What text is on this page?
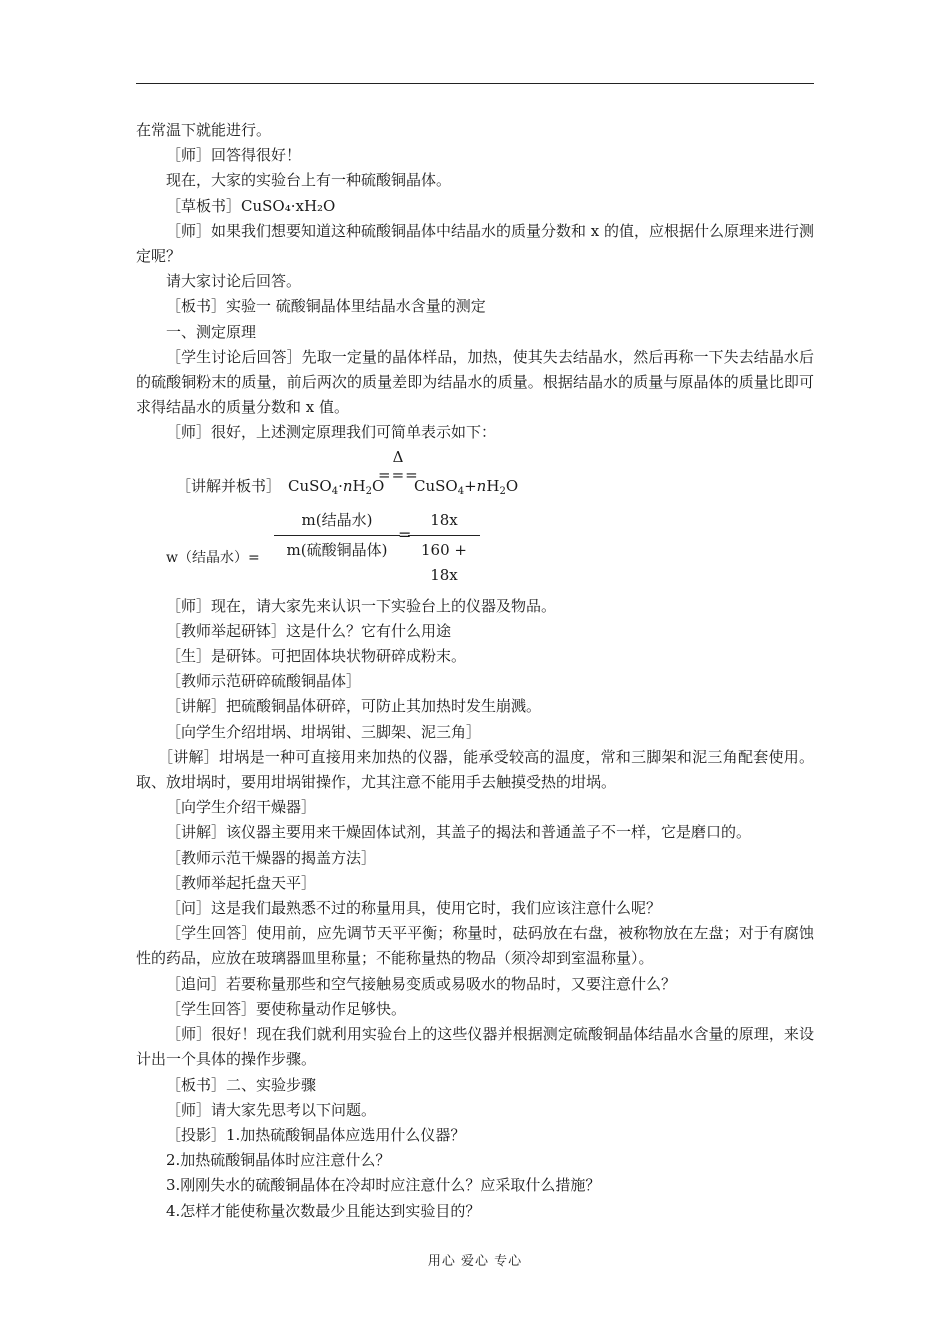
在常温下就能进行。

［师］回答得很好！

现在，大家的实验台上有一种硫酸铜晶体。

［草板书］CuSO₄·xH₂O

［师］如果我们想要知道这种硫酸铜晶体中结晶水的质量分数和 x 的值，应根据什么原理来进行测定呢？

请大家讨论后回答。

［板书］实验一 硫酸铜晶体里结晶水含量的测定

一、测定原理

［学生讨论后回答］先取一定量的晶体样品，加热，使其失去结晶水，然后再称一下失去结晶水后的硫酸铜粉末的质量，前后两次的质量差即为结晶水的质量。根据结晶水的质量与原晶体的质量比即可求得结晶水的质量分数和 x 值。

［师］很好，上述测定原理我们可简单表示如下：

［讲解并板书］ $CuSO_4\cdot nH_2O$
Δ
===
$CuSO_4+nH_2O$
w（结晶水）=
m(结晶水)
m(硫酸铜晶体)
=
$\frac{18x}{160 + 18x}$

［师］现在，请大家先来认识一下实验台上的仪器及物品。

［教师举起研钵］这是什么？它有什么用途

［生］是研钵。可把固体块状物研碎成粉末。

［教师示范研碎硫酸铜晶体］

［讲解］把硫酸铜晶体研碎，可防止其加热时发生崩溅。

［向学生介绍坩埚、坩埚钳、三脚架、泥三角］

［讲解］坩埚是一种可直接用来加热的仪器，能承受较高的温度，常和三脚架和泥三角配套使用。取、放坩埚时，要用坩埚钳操作，尤其注意不能用手去触摸受热的坩埚。

［向学生介绍干燥器］

［讲解］该仪器主要用来干燥固体试剂，其盖子的揭法和普通盖子不一样，它是磨口的。

［教师示范干燥器的揭盖方法］

［教师举起托盘天平］

［问］这是我们最熟悉不过的称量用具，使用它时，我们应该注意什么呢？

［学生回答］使用前，应先调节天平平衡；称量时，砝码放在右盘，被称物放在左盘；对于有腐蚀性的药品，应放在玻璃器皿里称量；不能称量热的物品（须冷却到室温称量）。

［追问］若要称量那些和空气接触易变质或易吸水的物品时，又要注意什么？

［学生回答］要使称量动作足够快。

［师］很好！现在我们就利用实验台上的这些仪器并根据测定硫酸铜晶体结晶水含量的原理，来设计出一个具体的操作步骤。

［板书］二、实验步骤

［师］请大家先思考以下问题。

［投影］1.加热硫酸铜晶体应选用什么仪器？

2.加热硫酸铜晶体时应注意什么？

3.刚刚失水的硫酸铜晶体在冷却时应注意什么？应采取什么措施？

4.怎样才能使称量次数最少且能达到实验目的？

用心 爱心 专心
